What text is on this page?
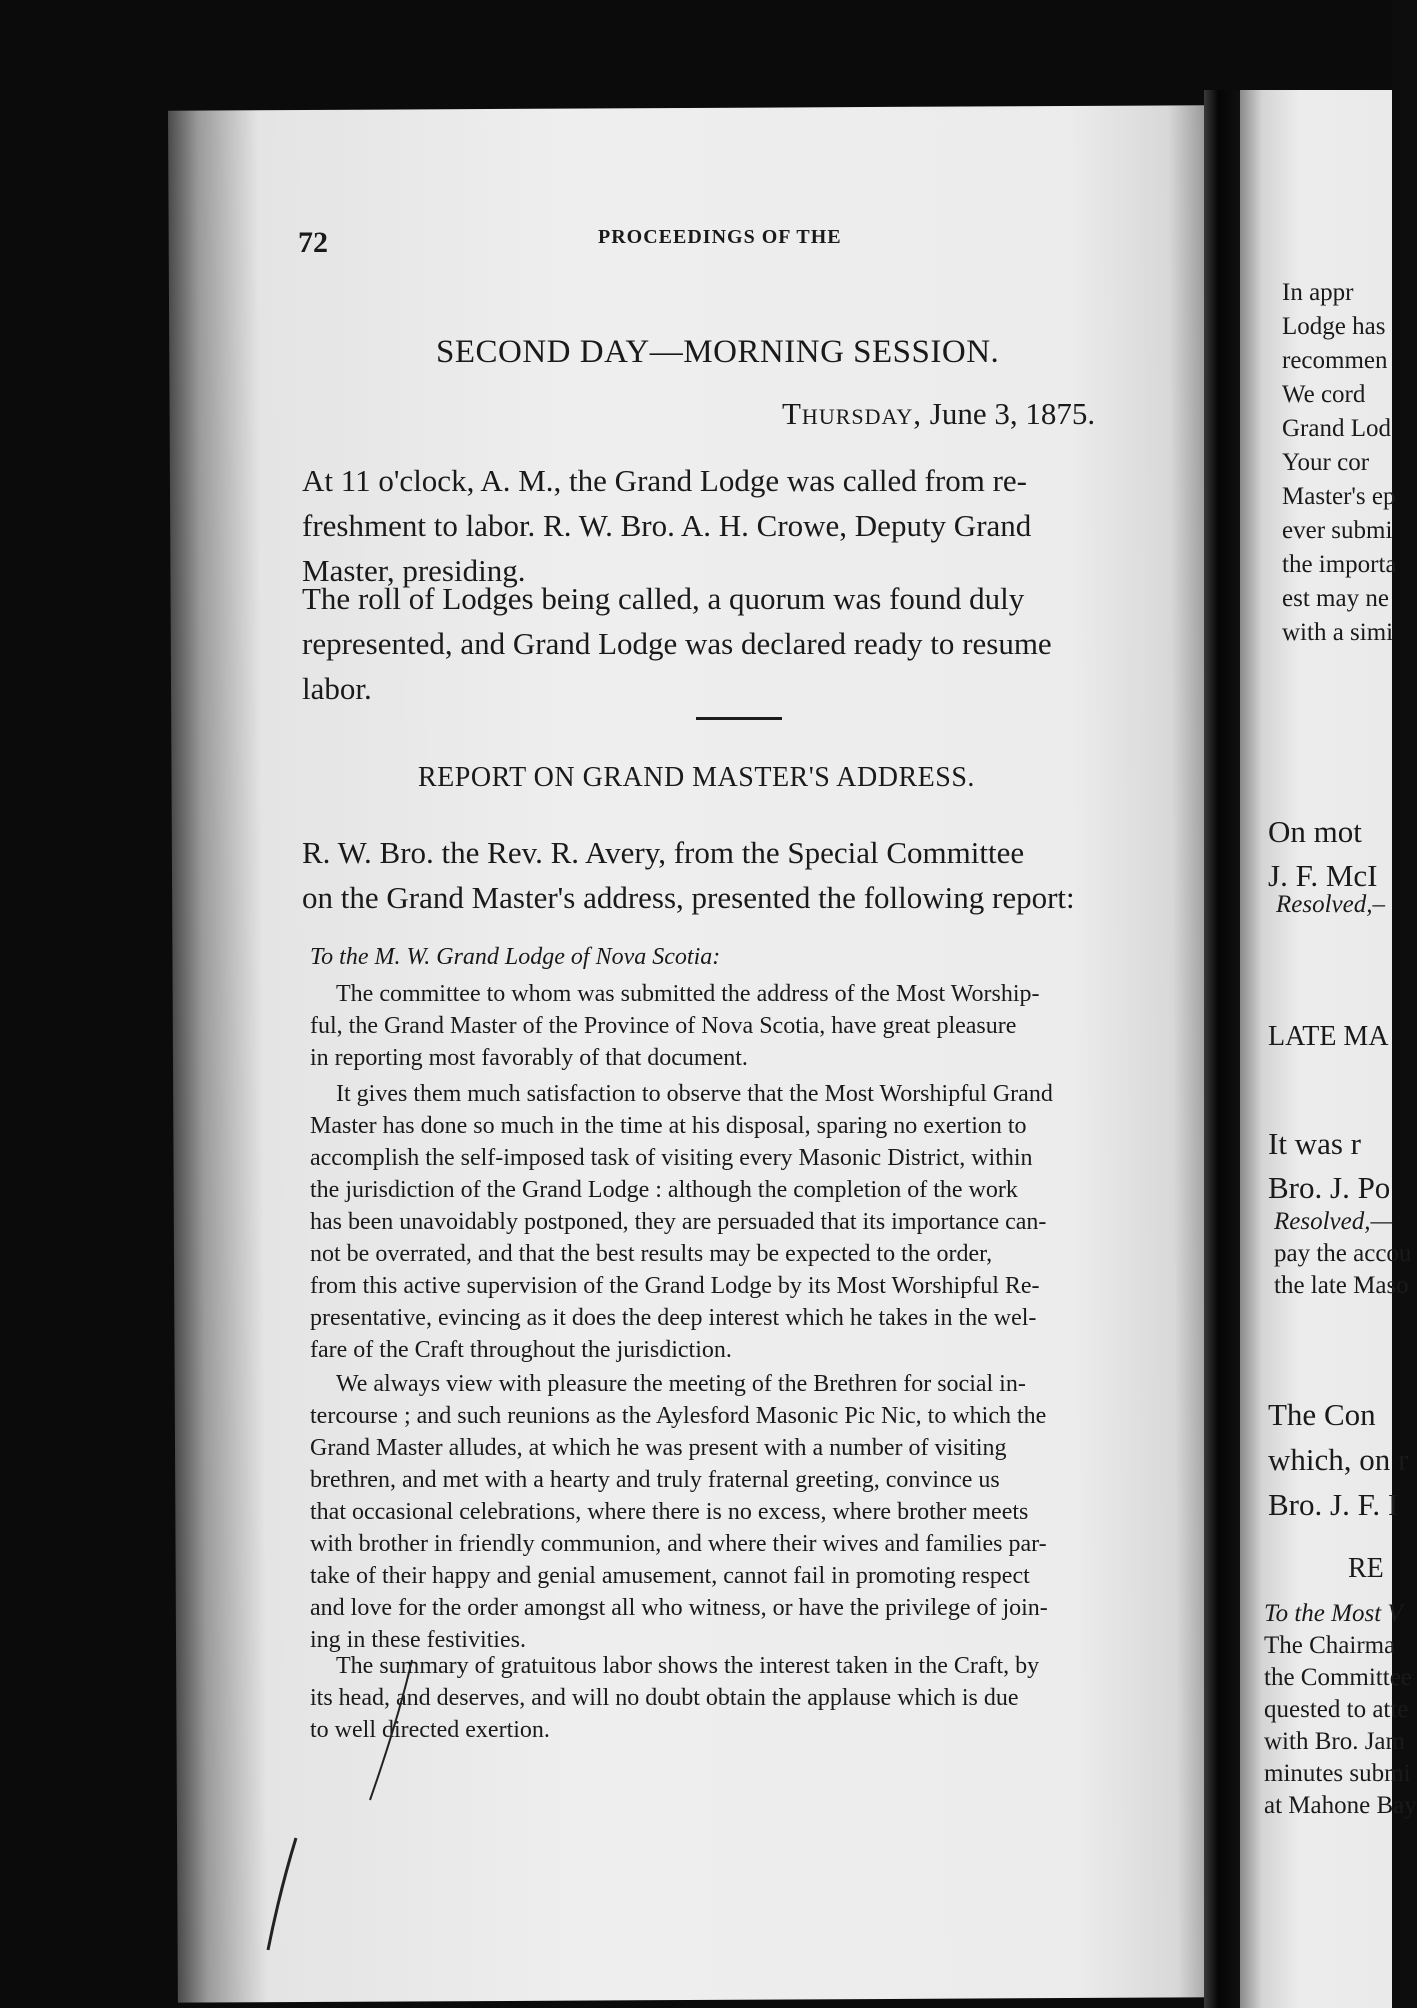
In appr
Lodge has
recommen
We cord
Grand Lod
Your cor
Master's ep
ever submi
the importa
est may ne
with a simi
On mot
J. F. McI
Resolved,–
LATE MA
It was r
Bro. J. Po
Resolved,—
pay the accou
the late Maso
The Con
which, on r
Bro. J. F. I
RE
To the Most V
The Chairma
the Committee
quested to atte
with Bro. Jam
minutes submi
at Mahone Bay
72	PROCEEDINGS OF THE
SECOND DAY—MORNING SESSION.
Thursday, June 3, 1875.
At 11 o'clock, A. M., the Grand Lodge was called from re-
freshment to labor. R. W. Bro. A. H. Crowe, Deputy Grand
Master, presiding.
The roll of Lodges being called, a quorum was found duly
represented, and Grand Lodge was declared ready to resume
labor.
REPORT ON GRAND MASTER'S ADDRESS.
R. W. Bro. the Rev. R. Avery, from the Special Committee
on the Grand Master's address, presented the following report:
To the M. W. Grand Lodge of Nova Scotia:
The committee to whom was submitted the address of the Most Worship-
ful, the Grand Master of the Province of Nova Scotia, have great pleasure
in reporting most favorably of that document.
It gives them much satisfaction to observe that the Most Worshipful Grand
Master has done so much in the time at his disposal, sparing no exertion to
accomplish the self-imposed task of visiting every Masonic District, within
the jurisdiction of the Grand Lodge : although the completion of the work
has been unavoidably postponed, they are persuaded that its importance can-
not be overrated, and that the best results may be expected to the order,
from this active supervision of the Grand Lodge by its Most Worshipful Re-
presentative, evincing as it does the deep interest which he takes in the wel-
fare of the Craft throughout the jurisdiction.
We always view with pleasure the meeting of the Brethren for social in-
tercourse ; and such reunions as the Aylesford Masonic Pic Nic, to which the
Grand Master alludes, at which he was present with a number of visiting
brethren, and met with a hearty and truly fraternal greeting, convince us
that occasional celebrations, where there is no excess, where brother meets
with brother in friendly communion, and where their wives and families par-
take of their happy and genial amusement, cannot fail in promoting respect
and love for the order amongst all who witness, or have the privilege of join-
ing in these festivities.
The summary of gratuitous labor shows the interest taken in the Craft, by
its head, and deserves, and will no doubt obtain the applause which is due
to well directed exertion.
